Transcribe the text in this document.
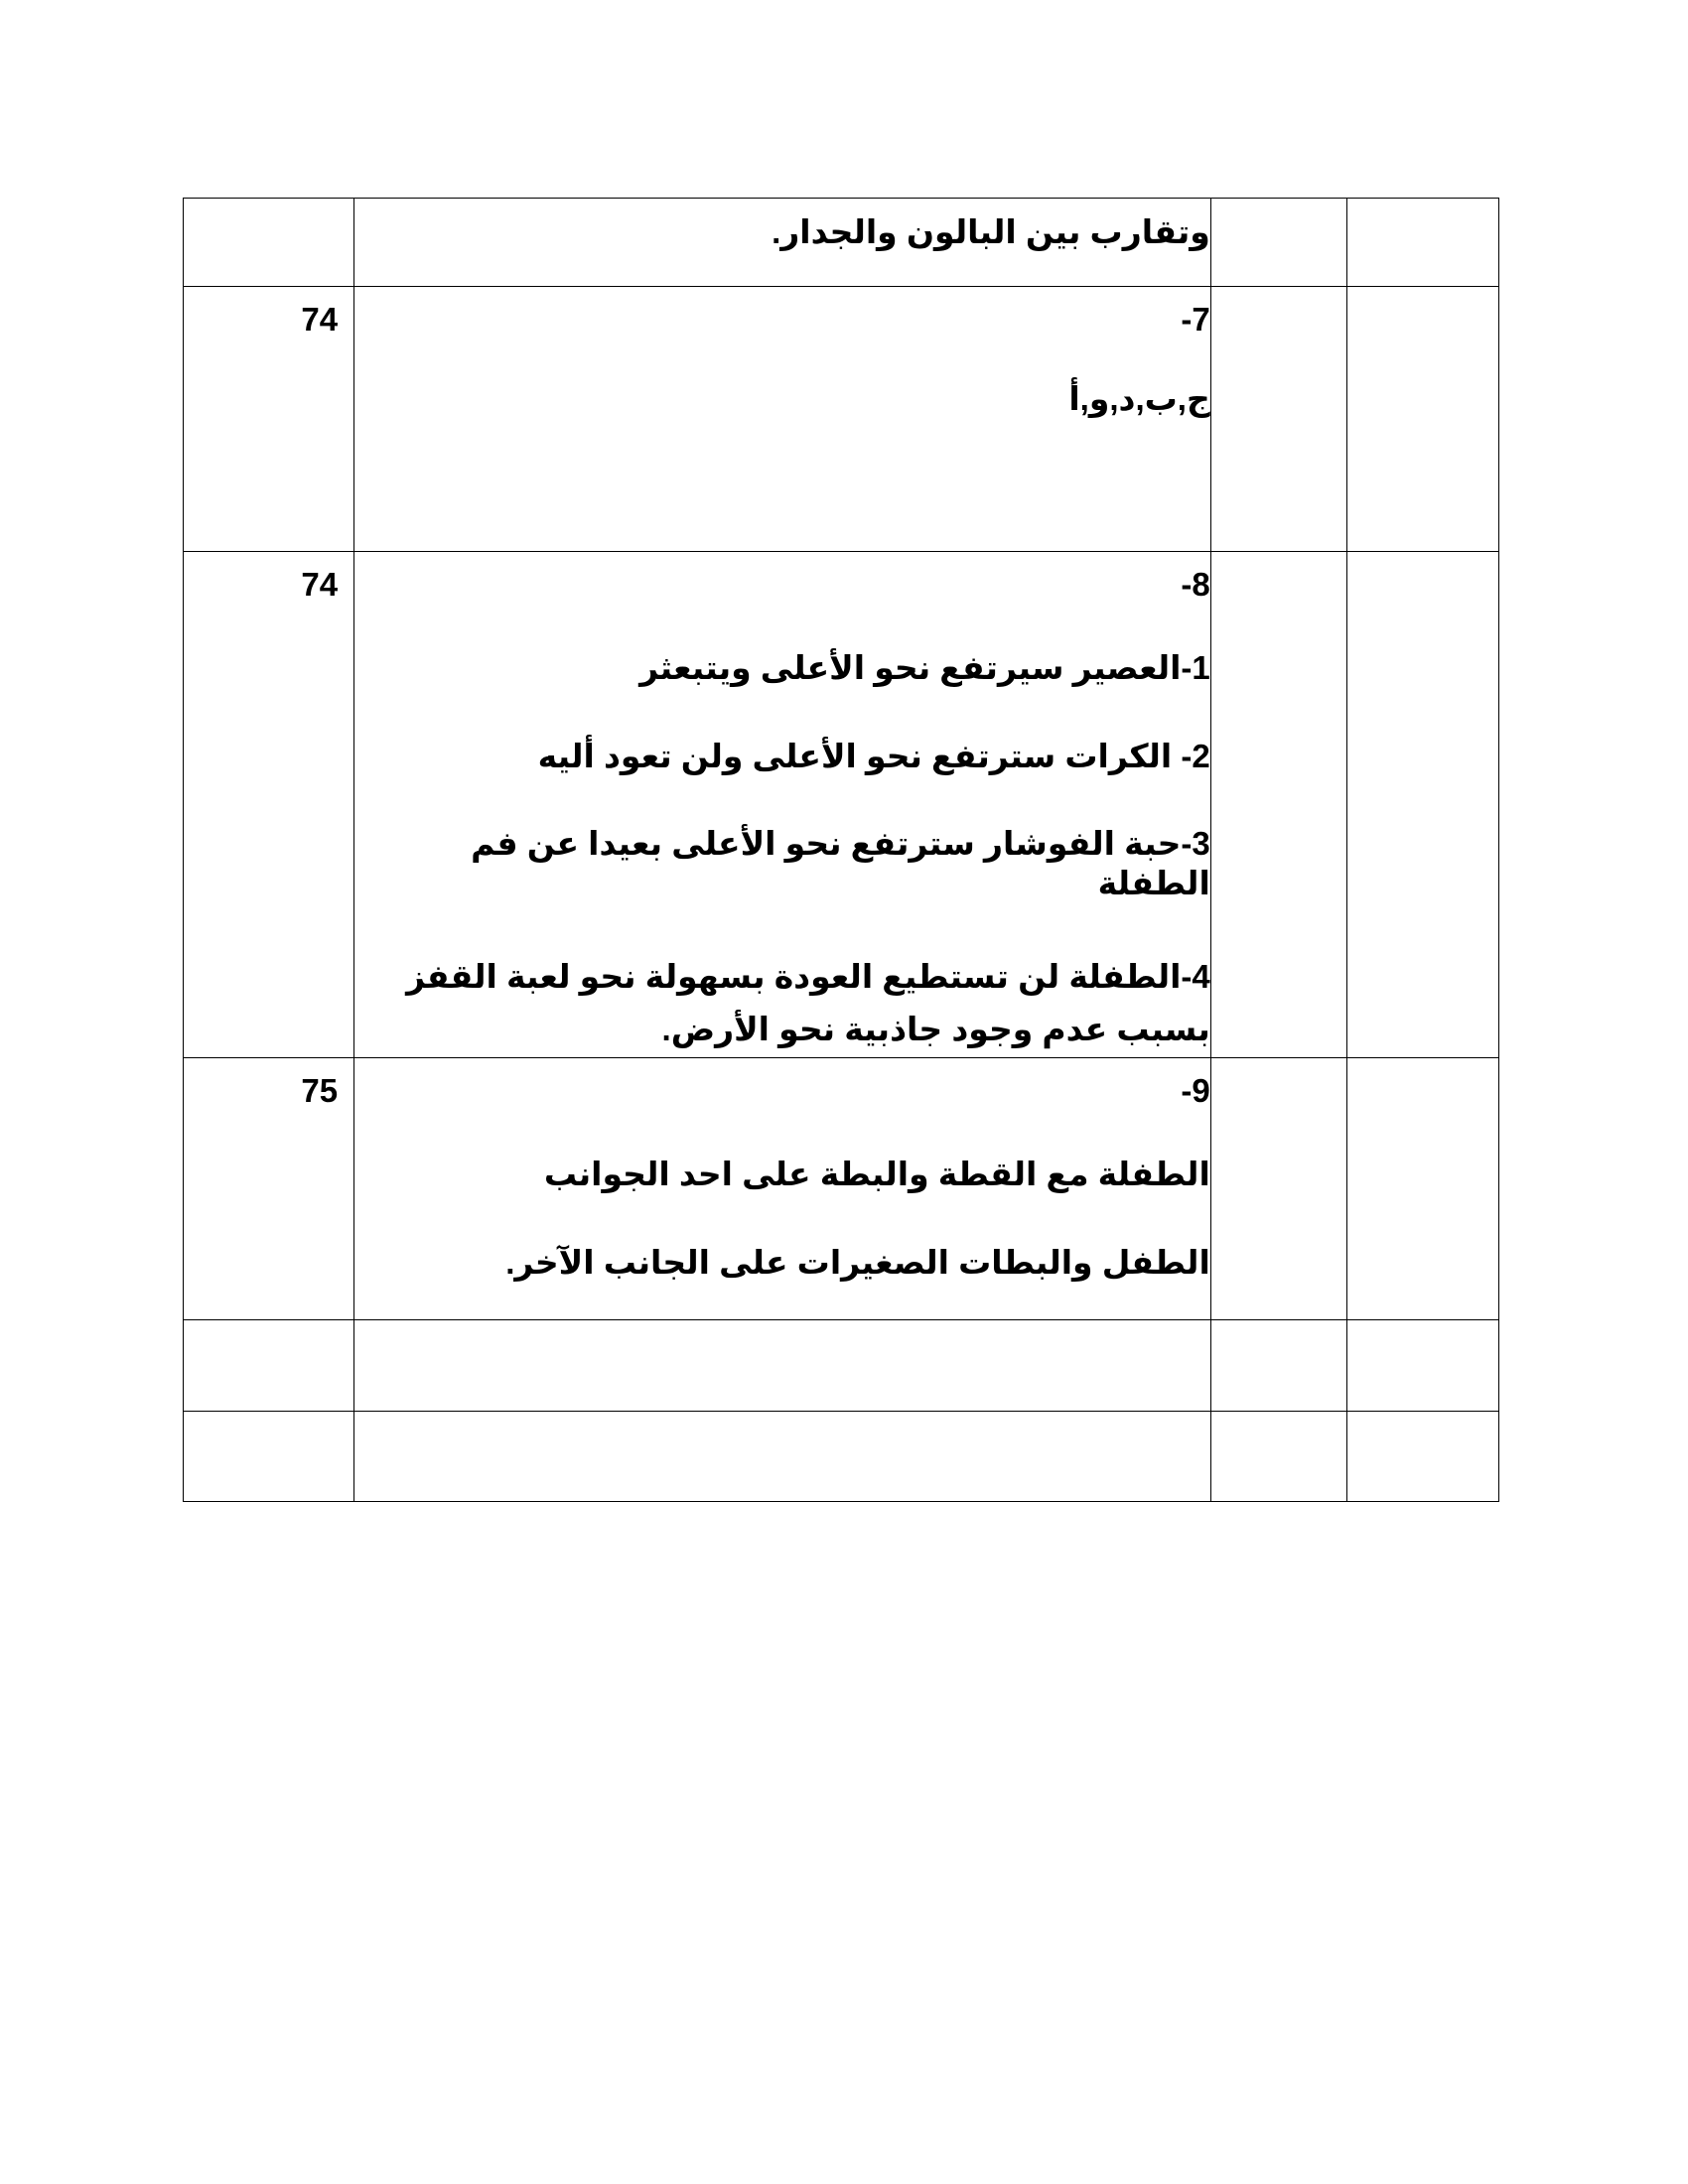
	وتقارب بين البالون والجدار.		

74	-7

ج,ب,د,و,أ		

74	-8

1-العصير سيرتفع نحو الأعلى ويتبعثر

2- الكرات سترتفع نحو الأعلى ولن تعود أليه

3-حبة الفوشار سترتفع نحو الأعلى بعيدا عن فم الطفلة

4-الطفلة لن تستطيع العودة بسهولة نحو لعبة القفز بسبب عدم وجود جاذبية نحو الأرض.		

75	-9

الطفلة مع القطة والبطة على احد الجوانب

الطفل والبطات الصغيرات على الجانب الآخر.		
